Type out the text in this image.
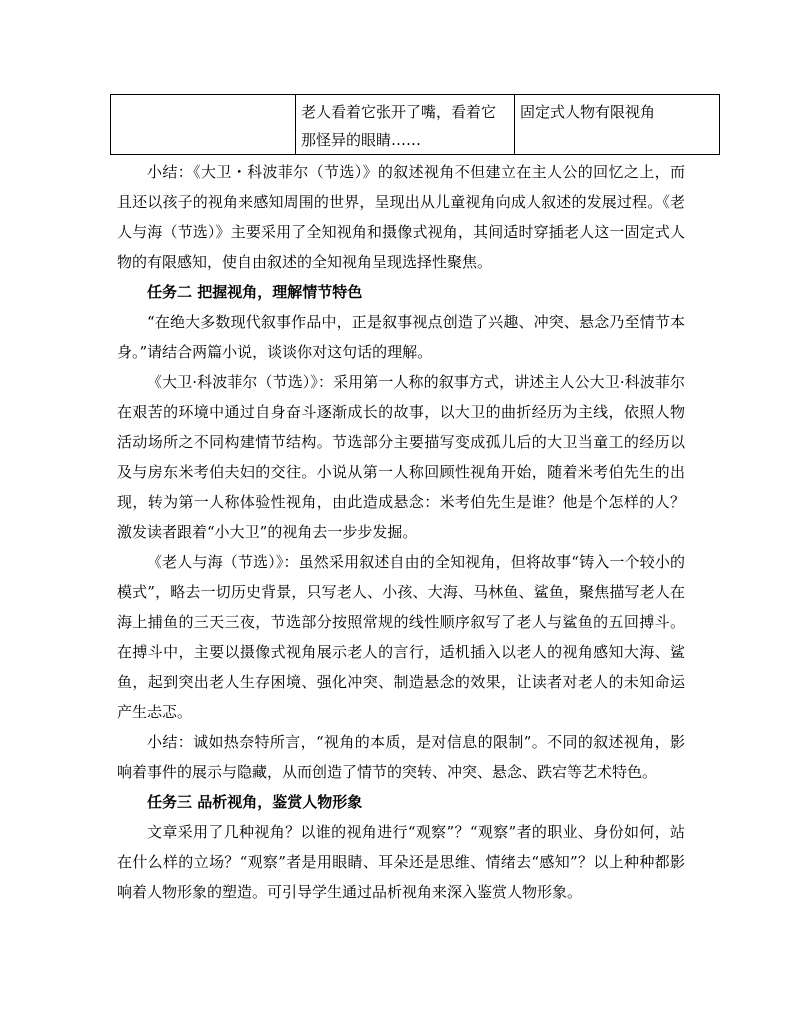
	老人看着它张开了嘴，看着它那怪异的眼睛……	固定式人物有限视角

小结：《大卫・科波菲尔（节选）》的叙述视角不但建立在主人公的回忆之上，而且还以孩子的视角来感知周围的世界，呈现出从儿童视角向成人叙述的发展过程。《老人与海（节选）》主要采用了全知视角和摄像式视角，其间适时穿插老人这一固定式人物的有限感知，使自由叙述的全知视角呈现选择性聚焦。

任务二 把握视角，理解情节特色

“在绝大多数现代叙事作品中，正是叙事视点创造了兴趣、冲突、悬念乃至情节本身。”请结合两篇小说，谈谈你对这句话的理解。

《大卫·科波菲尔（节选）》：采用第一人称的叙事方式，讲述主人公大卫·科波菲尔在艰苦的环境中通过自身奋斗逐渐成长的故事，以大卫的曲折经历为主线，依照人物活动场所之不同构建情节结构。节选部分主要描写变成孤儿后的大卫当童工的经历以及与房东米考伯夫妇的交往。小说从第一人称回顾性视角开始，随着米考伯先生的出现，转为第一人称体验性视角，由此造成悬念：米考伯先生是谁？他是个怎样的人？激发读者跟着“小大卫”的视角去一步步发掘。

《老人与海（节选）》：虽然采用叙述自由的全知视角，但将故事“铸入一个较小的模式”，略去一切历史背景，只写老人、小孩、大海、马林鱼、鲨鱼，聚焦描写老人在海上捕鱼的三天三夜，节选部分按照常规的线性顺序叙写了老人与鲨鱼的五回搏斗。在搏斗中，主要以摄像式视角展示老人的言行，适机插入以老人的视角感知大海、鲨鱼，起到突出老人生存困境、强化冲突、制造悬念的效果，让读者对老人的未知命运产生忐忑。

小结：诚如热奈特所言，“视角的本质，是对信息的限制”。不同的叙述视角，影响着事件的展示与隐藏，从而创造了情节的突转、冲突、悬念、跌宕等艺术特色。

任务三 品析视角，鉴赏人物形象

文章采用了几种视角？以谁的视角进行“观察”？“观察”者的职业、身份如何，站在什么样的立场？“观察”者是用眼睛、耳朵还是思维、情绪去“感知”？以上种种都影响着人物形象的塑造。可引导学生通过品析视角来深入鉴赏人物形象。
